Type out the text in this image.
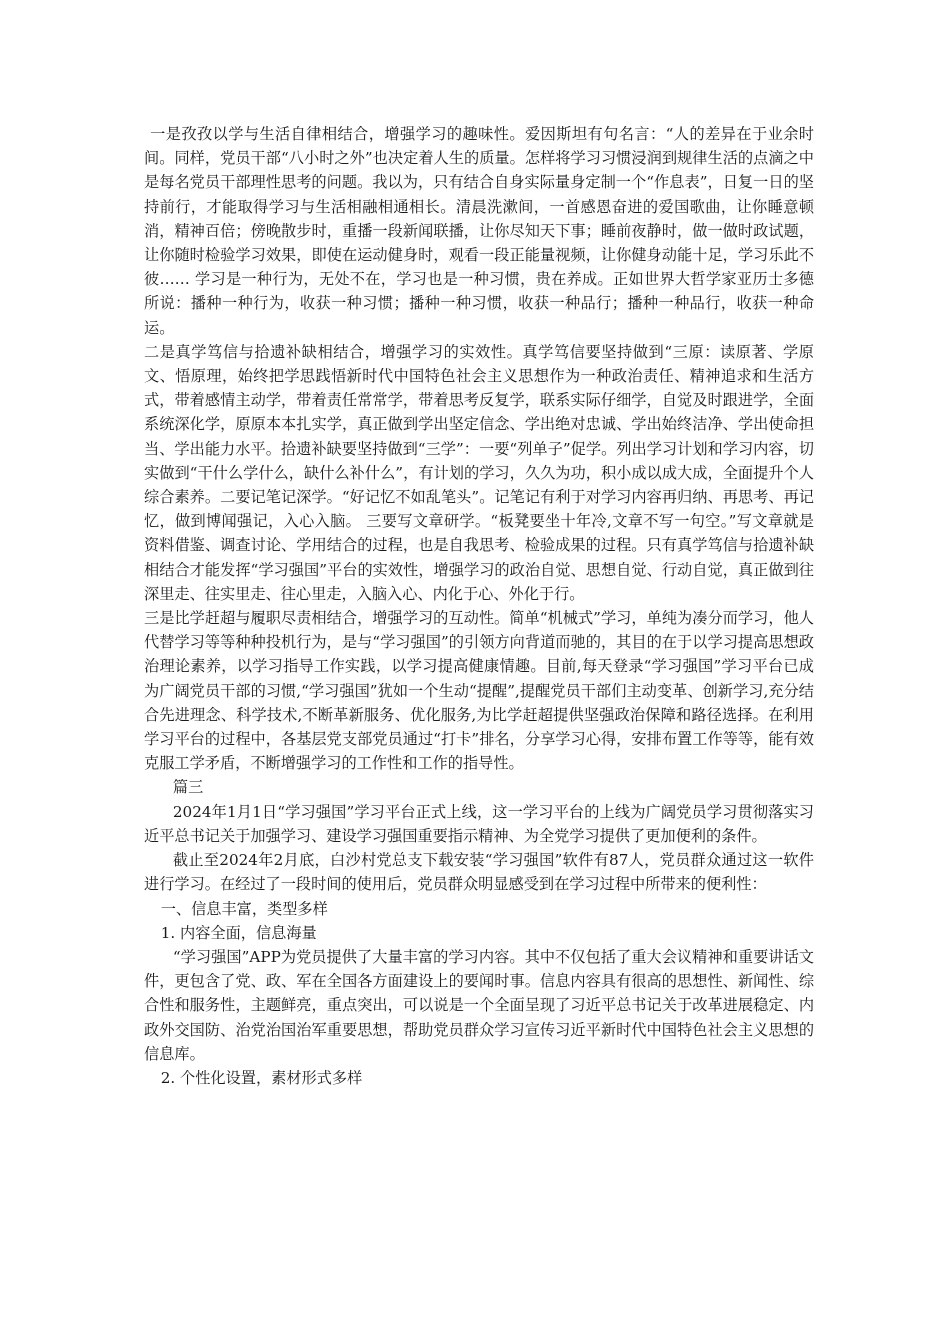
一是孜孜以学与生活自律相结合，增强学习的趣味性。爱因斯坦有句名言：“人的差异在于业余时间。同样，党员干部“八小时之外”也决定着人生的质量。怎样将学习习惯浸润到规律生活的点滴之中是每名党员干部理性思考的问题。我以为，只有结合自身实际量身定制一个“作息表”，日复一日的坚持前行，才能取得学习与生活相融相通相长。清晨洗漱间，一首感恩奋进的爱国歌曲，让你睡意顿消，精神百倍；傍晚散步时，重播一段新闻联播，让你尽知天下事；睡前夜静时，做一做时政试题，让你随时检验学习效果，即使在运动健身时，观看一段正能量视频，让你健身动能十足，学习乐此不彼…… 学习是一种行为，无处不在，学习也是一种习惯，贵在养成。正如世界大哲学家亚历士多德所说：播种一种行为，收获一种习惯；播种一种习惯，收获一种品行；播种一种品行，收获一种命运。

二是真学笃信与拾遗补缺相结合，增强学习的实效性。真学笃信要坚持做到“三原：读原著、学原文、悟原理，始终把学思践悟新时代中国特色社会主义思想作为一种政治责任、精神追求和生活方式，带着感情主动学，带着责任常常学，带着思考反复学，联系实际仔细学，自觉及时跟进学，全面系统深化学，原原本本扎实学，真正做到学出坚定信念、学出绝对忠诚、学出始终洁净、学出使命担当、学出能力水平。拾遗补缺要坚持做到“三学”：一要“列单子”促学。列出学习计划和学习内容，切实做到“干什么学什么，缺什么补什么”，有计划的学习，久久为功，积小成以成大成，全面提升个人综合素养。二要记笔记深学。“好记忆不如乱笔头”。记笔记有利于对学习内容再归纳、再思考、再记忆，做到博闻强记，入心入脑。 三要写文章研学。“板凳要坐十年冷,文章不写一句空。”写文章就是资料借鉴、调查讨论、学用结合的过程，也是自我思考、检验成果的过程。只有真学笃信与拾遗补缺相结合才能发挥“学习强国”平台的实效性，增强学习的政治自觉、思想自觉、行动自觉，真正做到往深里走、往实里走、往心里走，入脑入心、内化于心、外化于行。

三是比学赶超与履职尽责相结合，增强学习的互动性。简单“机械式”学习，单纯为凑分而学习，他人代替学习等等种种投机行为，是与“学习强国”的引领方向背道而驰的，其目的在于以学习提高思想政治理论素养，以学习指导工作实践，以学习提高健康情趣。目前,每天登录“学习强国”学习平台已成为广阔党员干部的习惯,“学习强国”犹如一个生动“提醒”,提醒党员干部们主动变革、创新学习,充分结合先进理念、科学技术,不断革新服务、优化服务,为比学赶超提供坚强政治保障和路径选择。在利用学习平台的过程中，各基层党支部党员通过“打卡”排名，分享学习心得，安排布置工作等等，能有效克服工学矛盾，不断增强学习的工作性和工作的指导性。

篇三

2024年1月1日“学习强国”学习平台正式上线，这一学习平台的上线为广阔党员学习贯彻落实习近平总书记关于加强学习、建设学习强国重要指示精神、为全党学习提供了更加便利的条件。

截止至2024年2月底，白沙村党总支下载安装“学习强国”软件有87人，党员群众通过这一软件进行学习。在经过了一段时间的使用后，党员群众明显感受到在学习过程中所带来的便利性：

一、信息丰富，类型多样

1. 内容全面，信息海量

“学习强国”APP为党员提供了大量丰富的学习内容。其中不仅包括了重大会议精神和重要讲话文件，更包含了党、政、军在全国各方面建设上的要闻时事。信息内容具有很高的思想性、新闻性、综合性和服务性，主题鲜亮，重点突出，可以说是一个全面呈现了习近平总书记关于改革进展稳定、内政外交国防、治党治国治军重要思想，帮助党员群众学习宣传习近平新时代中国特色社会主义思想的信息库。

2. 个性化设置，素材形式多样
